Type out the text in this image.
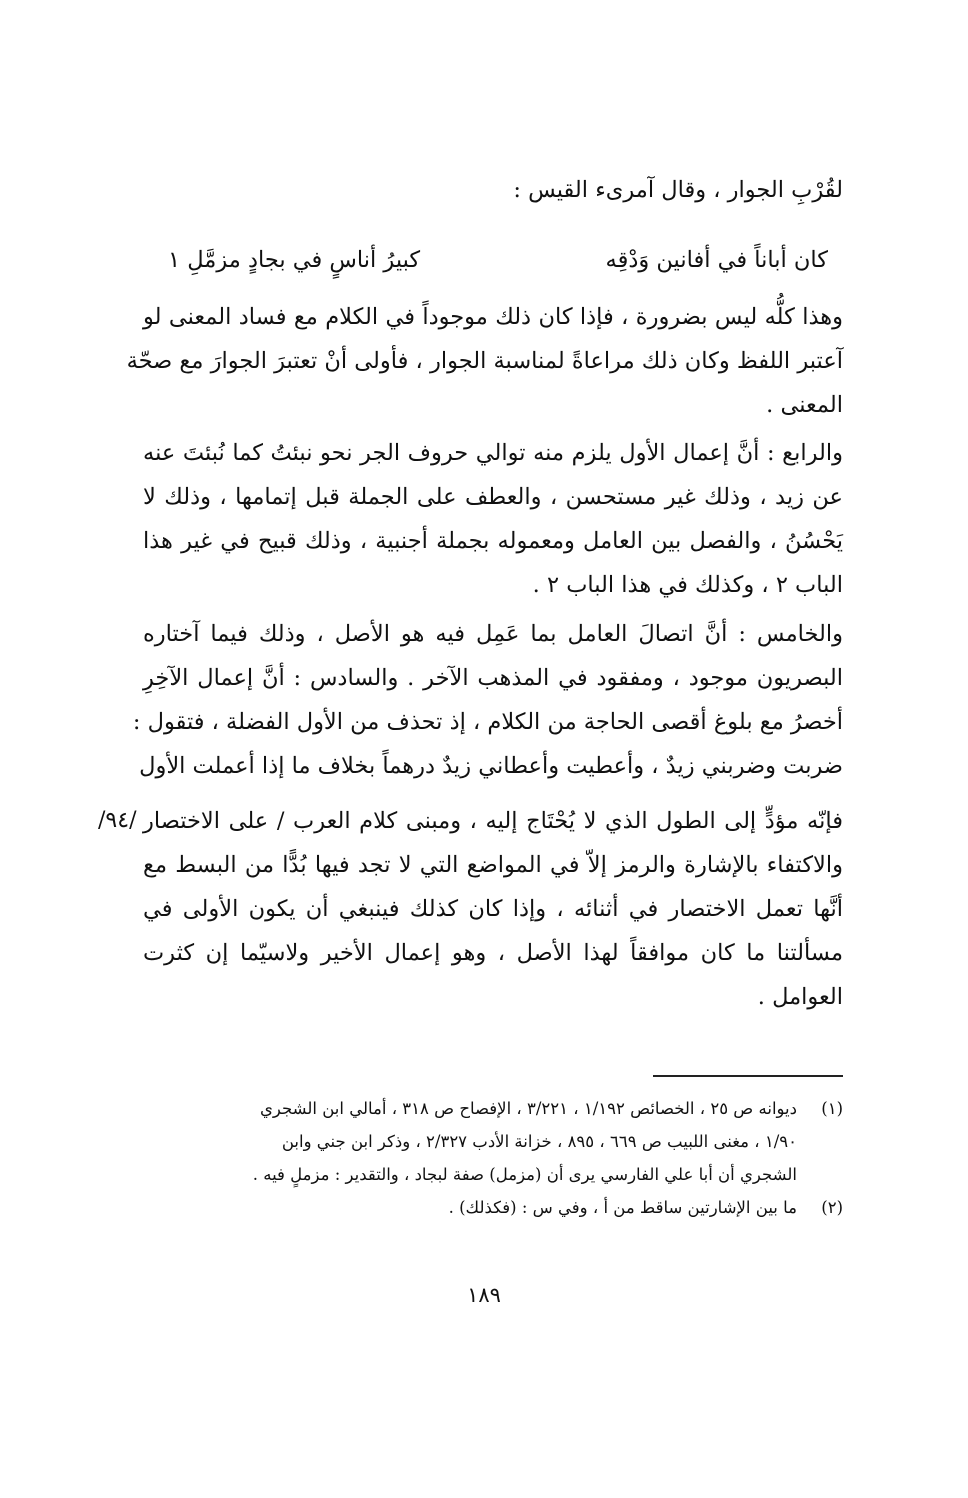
لقُرْبِ الجوار ، وقال آمرىء القيس :
كان أباناً في أفانين وَدْقِه
كبيرُ أناسٍ في بجادٍ مزمَّلِ ١
وهذا كلُّه ليس بضرورة ، فإذا كان ذلك موجوداً في الكلام مع فساد المعنى لو
آعتبر اللفظ وكان ذلك مراعاةً لمناسبة الجوار ، فأولى أنْ تعتبرَ الجوارَ مع صحّة
المعنى .
والرابع : أنَّ إعمال الأول يلزم منه توالي حروف الجر نحو نبئتُ كما نُبئتَ عنه
عن زيد ، وذلك غير مستحسن ، والعطف على الجملة قبل إتمامها ، وذلك لا
يَحْسُنُ ، والفصل بين العامل ومعموله بجملة أجنبية ، وذلك قبيح في غير هذا
الباب ٢ ، وكذلك في هذا الباب ٢ .
والخامس : أنَّ اتصالَ العامل بما عَمِل فيه هو الأصل ، وذلك فيما آختاره
البصريون موجود ، ومفقود في المذهب الآخر . والسادس : أنَّ إعمال الآخِرِ
أخصرُ مع بلوغ أقصى الحاجة من الكلام ، إذ تحذف من الأول الفضلة ، فتقول :
ضربت وضربني زيدٌ ، وأعطيت وأعطاني زيدٌ درهماً بخلاف ما إذا أعملت الأول
فإنّه مؤدٍّ إلى الطول الذي لا يُحْتَاج إليه ، ومبنى كلام العرب / على الاختصار
والاكتفاء بالإشارة والرمز إلاّ في المواضع التي لا تجد فيها بُدًّا من البسط مع
أنَّها تعمل الاختصار في أثنائه ، وإذا كان كذلك فينبغي أن يكون الأولى في
مسألتنا ما كان موافقاً لهذا الأصل ، وهو إعمال الأخير ولاسيّما إن كثرت
العوامل .
/٩٤/
(١)ديوانه ص ٢٥ ، الخصائص ١/١٩٢ ، ٣/٢٢١ ، الإفصاح ص ٣١٨ ، أمالي ابن الشجري
١/٩٠ ، مغنى اللبيب ص ٦٦٩ ، ٨٩٥ ، خزانة الأدب ٢/٣٢٧ ، وذكر ابن جني وابن
الشجري أن أبا علي الفارسي يرى أن (مزمل) صفة لبجاد ، والتقدير : مزملٍ فيه .
(٢)ما بين الإشارتين ساقط من أ ، وفي س : (فكذلك) .
١٨٩
